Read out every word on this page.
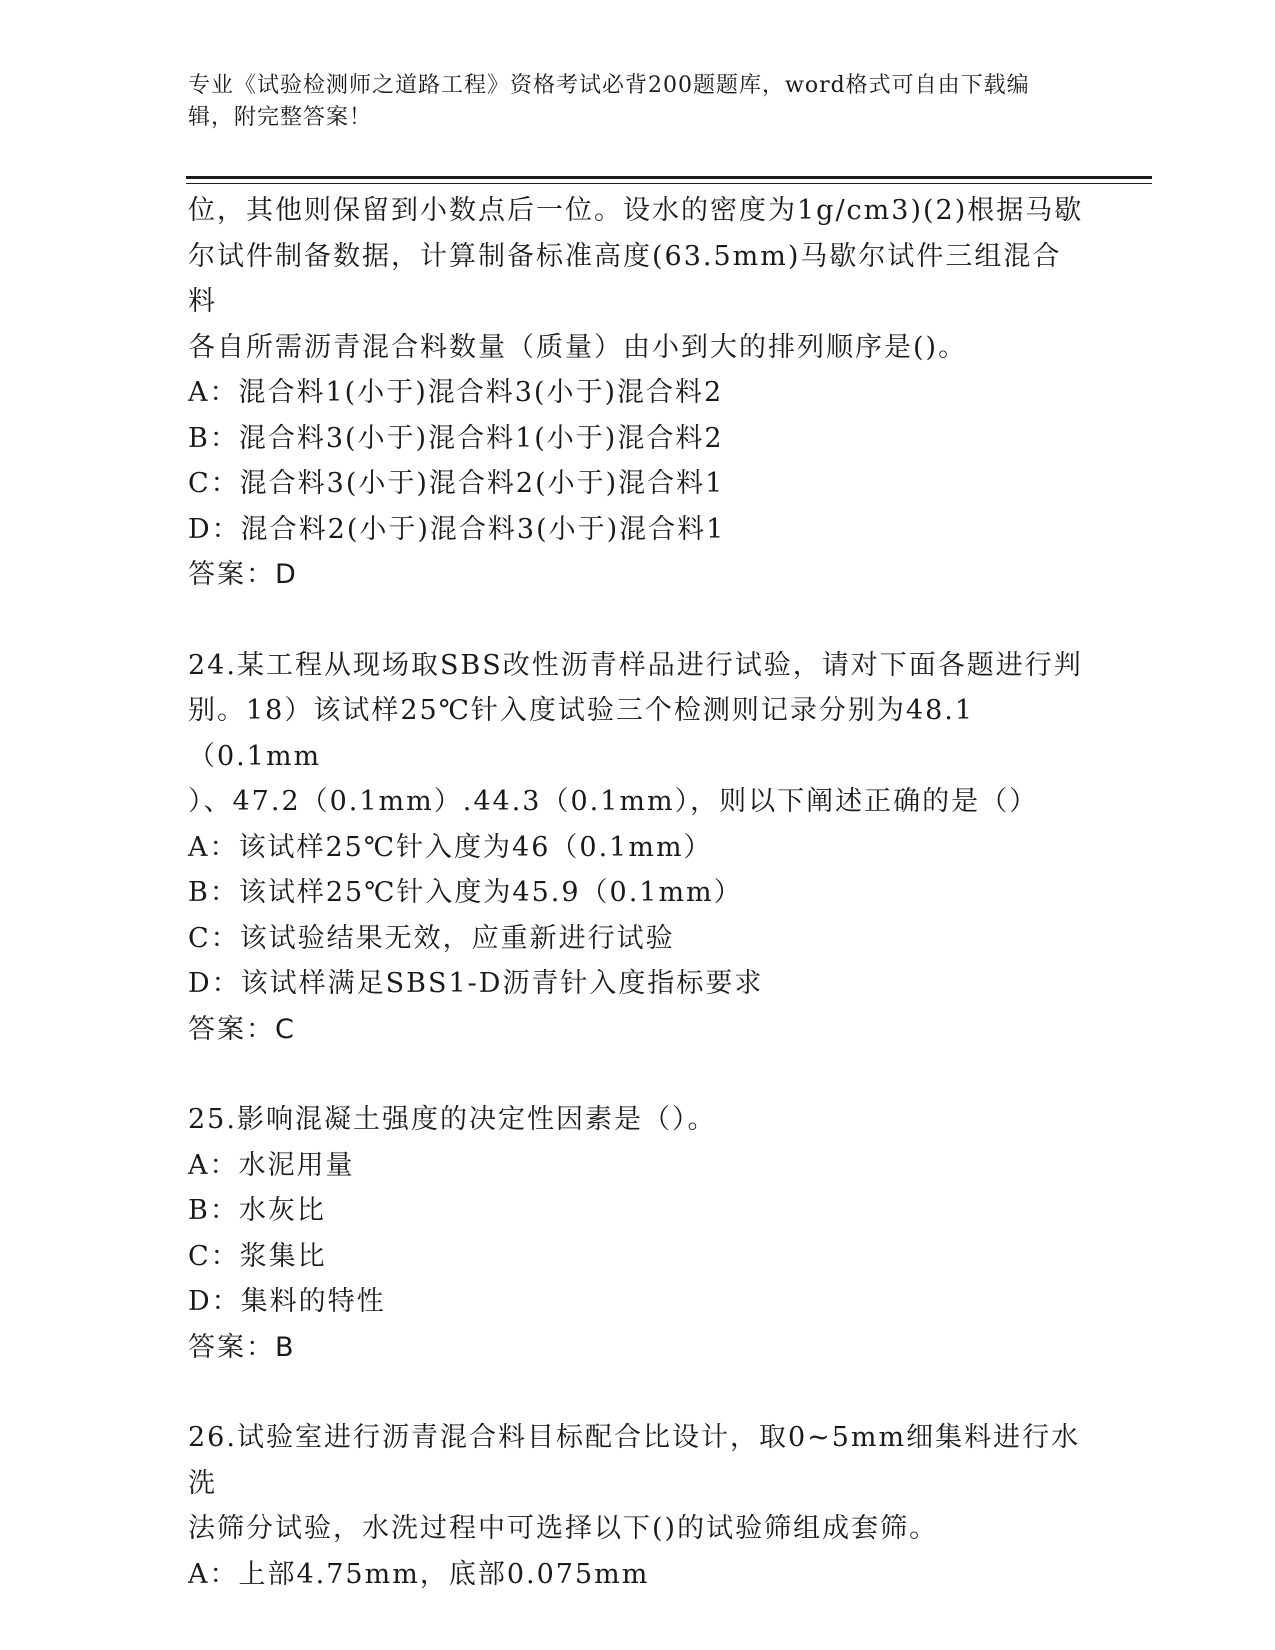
专业《试验检测师之道路工程》资格考试必背200题题库，word格式可自由下载编辑，附完整答案！

位，其他则保留到小数点后一位。设水的密度为1g/cm3)(2)根据马歇

尔试件制备数据，计算制备标准高度(63.5mm)马歇尔试件三组混合料

各自所需沥青混合料数量（质量）由小到大的排列顺序是()。

A：混合料1(小于)混合料3(小于)混合料2

B：混合料3(小于)混合料1(小于)混合料2

C：混合料3(小于)混合料2(小于)混合料1

D：混合料2(小于)混合料3(小于)混合料1

答案：D

24.某工程从现场取SBS改性沥青样品进行试验，请对下面各题进行判

别。18）该试样25℃针入度试验三个检测则记录分别为48.1（0.1mm

）、47.2（0.1mm）.44.3（0.1mm），则以下阐述正确的是（）

A：该试样25℃针入度为46（0.1mm）

B：该试样25℃针入度为45.9（0.1mm）

C：该试验结果无效，应重新进行试验

D：该试样满足SBS1-D沥青针入度指标要求

答案：C

25.影响混凝土强度的决定性因素是（）。

A：水泥用量

B：水灰比

C：浆集比

D：集料的特性

答案：B

26.试验室进行沥青混合料目标配合比设计，取0~5mm细集料进行水洗

法筛分试验，水洗过程中可选择以下()的试验筛组成套筛。

A：上部4.75mm，底部0.075mm
